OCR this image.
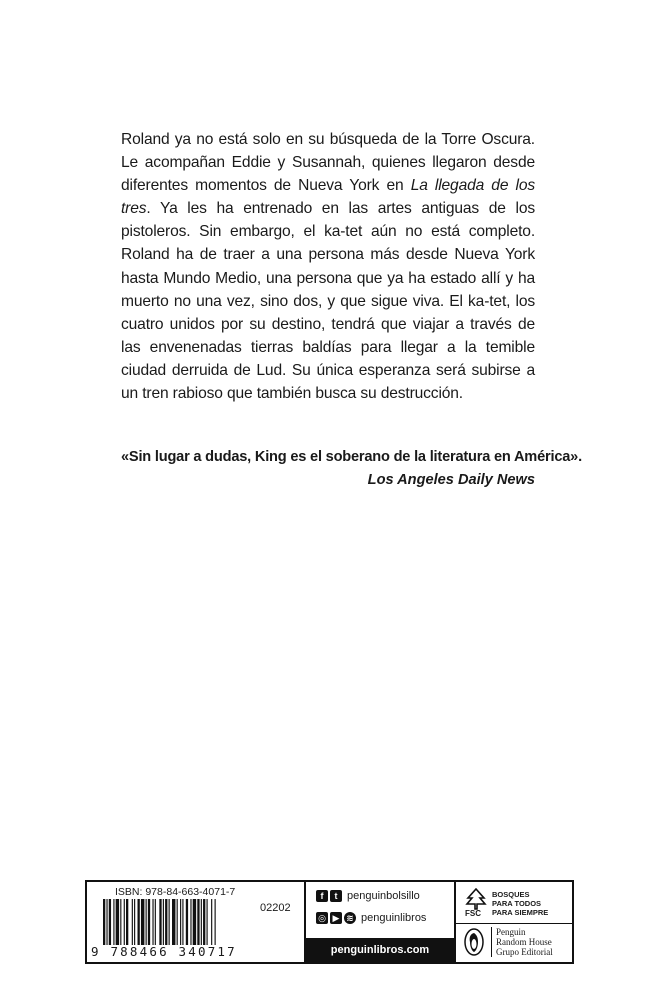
Roland ya no está solo en su búsqueda de la Torre Oscura. Le acompañan Eddie y Susannah, quienes llegaron desde diferentes momentos de Nueva York en La llegada de los tres. Ya les ha entrenado en las artes antiguas de los pistoleros. Sin embargo, el ka-tet aún no está completo. Roland ha de traer a una persona más desde Nueva York hasta Mundo Medio, una persona que ya ha estado allí y ha muerto no una vez, sino dos, y que sigue viva. El ka-tet, los cuatro unidos por su destino, tendrá que viajar a través de las envenenadas tierras baldías para llegar a la temible ciudad derruida de Lud. Su única esperanza será subirse a un tren rabioso que también busca su destrucción.

«Sin lugar a dudas, King es el soberano de la literatura en América».

Los Angeles Daily News

ISBN: 978-84-663-4071-7

02202

9 788466 340717
f	t penguinbolsillo
◎ ▶ ≋ penguinlibros
penguinlibros.com
FSC
BOSQUES
PARA TODOS
PARA SIEMPRE
Penguin
Random House
Grupo Editorial
